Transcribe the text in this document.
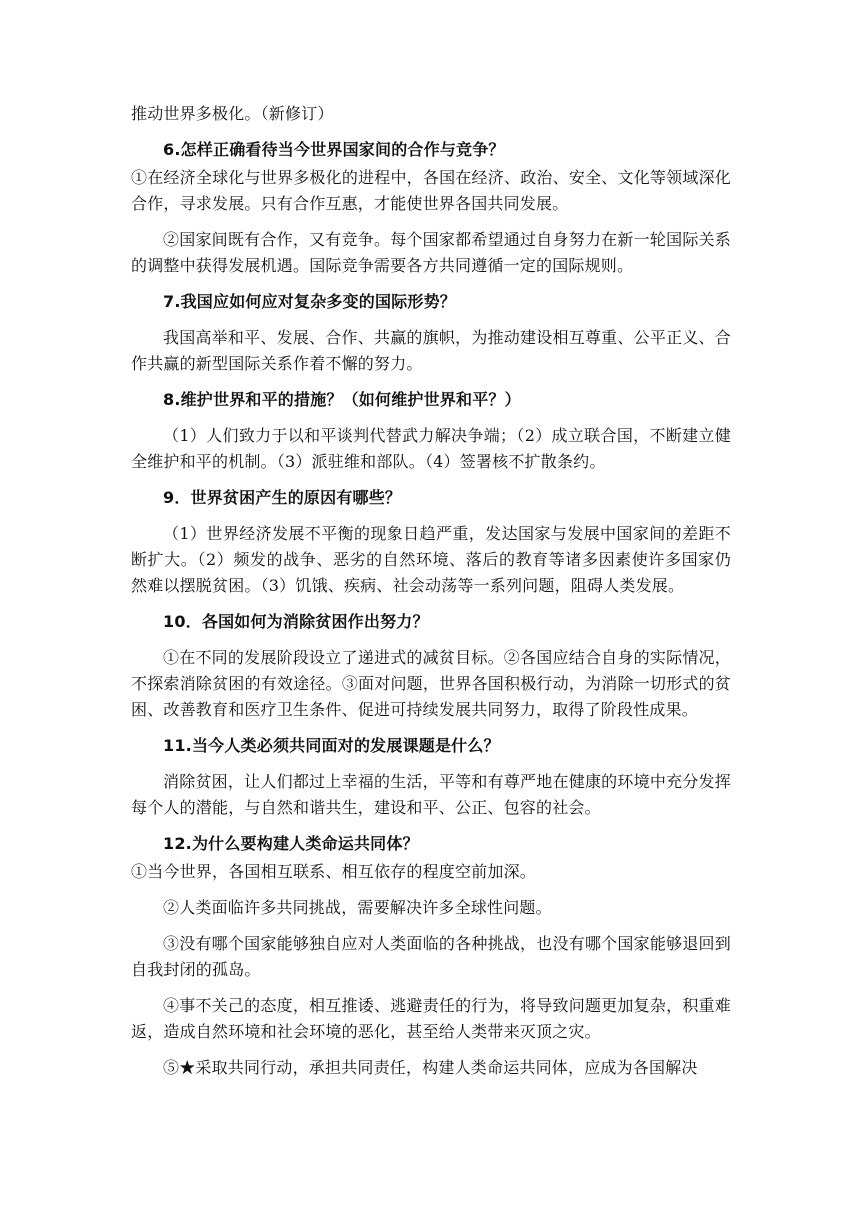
推动世界多极化。（新修订）

6.怎样正确看待当今世界国家间的合作与竞争？

①在经济全球化与世界多极化的进程中，各国在经济、政治、安全、文化等领域深化合作，寻求发展。只有合作互惠，才能使世界各国共同发展。

②国家间既有合作，又有竞争。每个国家都希望通过自身努力在新一轮国际关系的调整中获得发展机遇。国际竞争需要各方共同遵循一定的国际规则。

7.我国应如何应对复杂多变的国际形势？

我国高举和平、发展、合作、共赢的旗帜，为推动建设相互尊重、公平正义、合作共赢的新型国际关系作着不懈的努力。

8.维护世界和平的措施？（如何维护世界和平？）

（1）人们致力于以和平谈判代替武力解决争端；（2）成立联合国，不断建立健全维护和平的机制。（3）派驻维和部队。（4）签署核不扩散条约。

9．世界贫困产生的原因有哪些？

（1）世界经济发展不平衡的现象日趋严重，发达国家与发展中国家间的差距不断扩大。（2）频发的战争、恶劣的自然环境、落后的教育等诸多因素使许多国家仍然难以摆脱贫困。（3）饥饿、疾病、社会动荡等一系列问题，阻碍人类发展。

10．各国如何为消除贫困作出努力？

①在不同的发展阶段设立了递进式的减贫目标。②各国应结合自身的实际情况，不探索消除贫困的有效途径。③面对问题，世界各国积极行动，为消除一切形式的贫困、改善教育和医疗卫生条件、促进可持续发展共同努力，取得了阶段性成果。

11.当今人类必须共同面对的发展课题是什么？

消除贫困，让人们都过上幸福的生活，平等和有尊严地在健康的环境中充分发挥每个人的潜能，与自然和谐共生，建设和平、公正、包容的社会。

12.为什么要构建人类命运共同体？

①当今世界，各国相互联系、相互依存的程度空前加深。

②人类面临许多共同挑战，需要解决许多全球性问题。

③没有哪个国家能够独自应对人类面临的各种挑战，也没有哪个国家能够退回到自我封闭的孤岛。

④事不关己的态度，相互推诿、逃避责任的行为，将导致问题更加复杂，积重难返，造成自然环境和社会环境的恶化，甚至给人类带来灭顶之灾。

⑤★采取共同行动，承担共同责任，构建人类命运共同体，应成为各国解决
